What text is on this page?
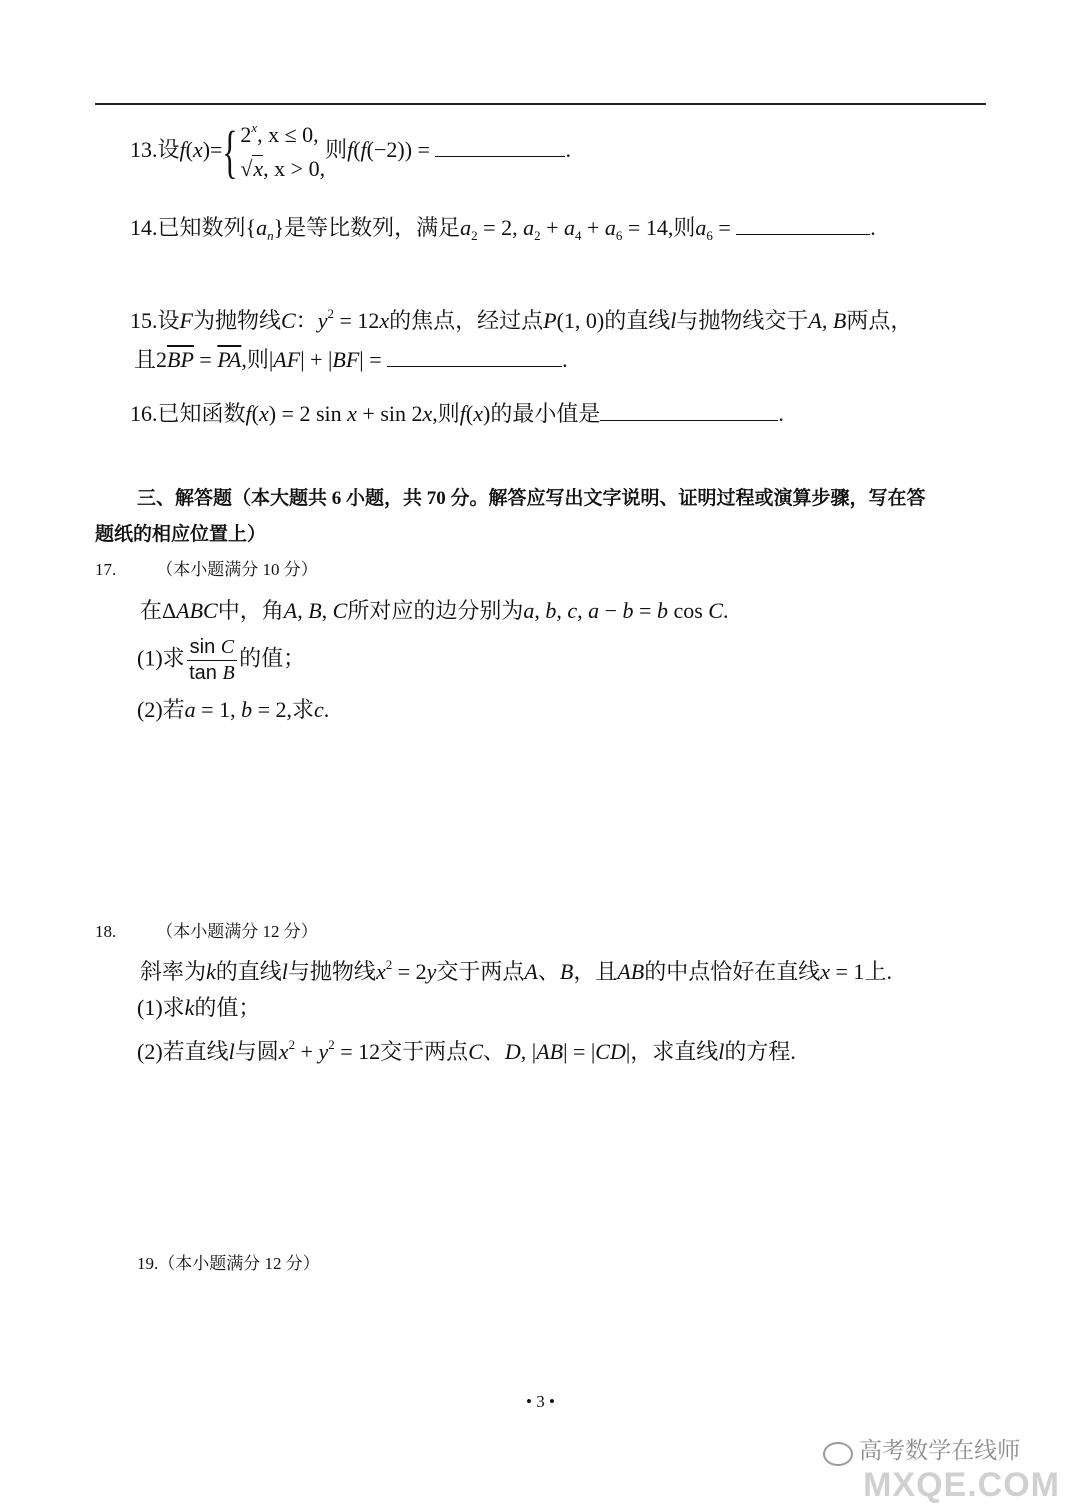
13.设f(x)={ 2$^x$, x ≤ 0,
√x, x > 0,则f(f(−2)) =	.
14.已知数列$\{a_n\}$是等比数列，满足$a_2 = 2$, $a_2 + a_4 + a_6 = 14$,则$a_6$ =	.
15.设F为抛物线C：$y^2 = 12x$的焦点，经过点P(1, 0)的直线l与抛物线交于A, B两点，
且$2\overline{BP} = \overline{PA}$,则|AF| + |BF| =	.
16.已知函数f(x) = 2 sin x + sin 2x,则f(x)的最小值是	.
三、解答题（本大题共 6 小题，共 70 分。解答应写出文字说明、证明过程或演算步骤，写在答
题纸的相应位置上）
17. （本小题满分 10 分）
在ΔABC中，角A, B, C所对应的边分别为a, b, c, a − b = b cos C.
(1)求 $\frac{\text{sin C}}{\text{tan B}}$ 的值；
(2)若a = 1, b = 2,求c.
18. （本小题满分 12 分）
斜率为k的直线l与抛物线$x^2 = 2y$交于两点A、B，且AB的中点恰好在直线x = 1上.
(1)求k的值；
(2)若直线l与圆$x^2 + y^2 = 12$交于两点C、D, |AB| = |CD|，求直线l的方程.
19.（本小题满分 12 分）
• 3 •
高考数学在线师
MXQE.COM
